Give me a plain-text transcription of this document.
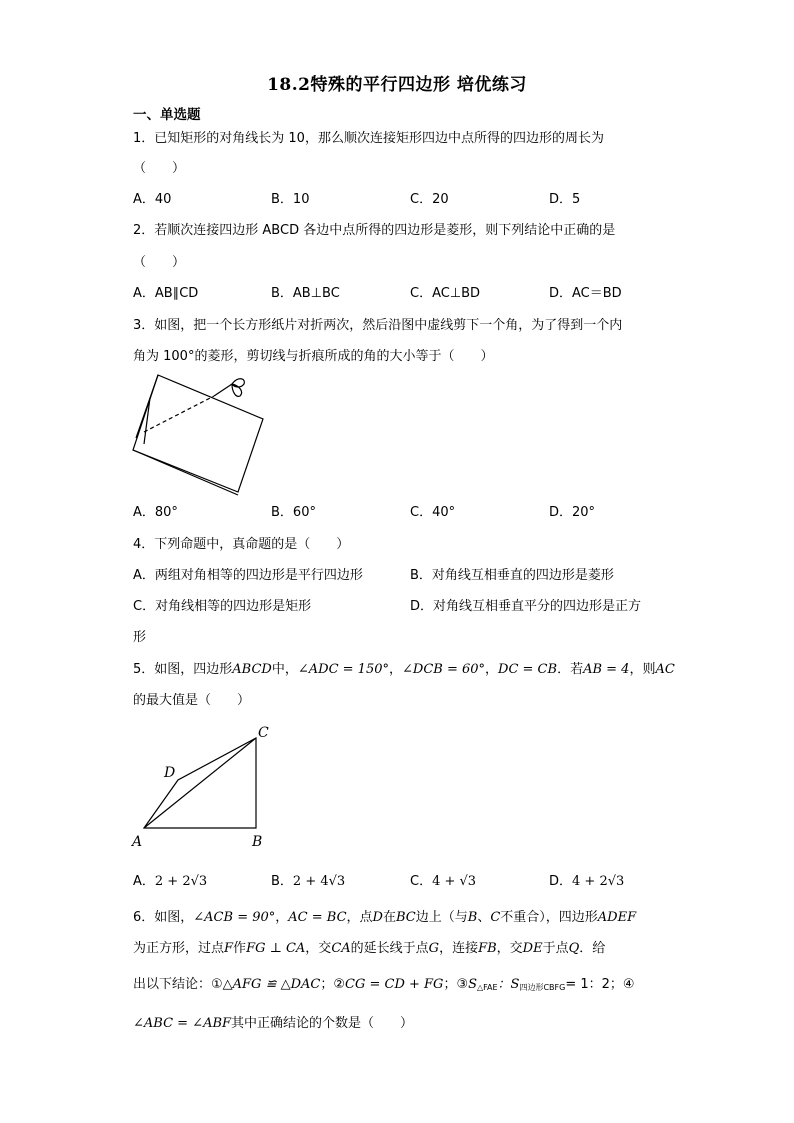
18.2特殊的平行四边形 培优练习
一、单选题
1．已知矩形的对角线长为 10，那么顺次连接矩形四边中点所得的四边形的周长为
（　　）
A．40	B．10	C．20	D．5
2．若顺次连接四边形 ABCD 各边中点所得的四边形是菱形，则下列结论中正确的是
（　　）
A．AB∥CD	B．AB⊥BC	C．AC⊥BD	D．AC＝BD
3．如图，把一个长方形纸片对折两次，然后沿图中虚线剪下一个角，为了得到一个内
角为 100°的菱形，剪切线与折痕所成的角的大小等于（　　）
A．80°	B．60°	C．40°	D．20°
4．下列命题中，真命题的是（　　）
A．两组对角相等的四边形是平行四边形	B．对角线互相垂直的四边形是菱形
C．对角线相等的四边形是矩形	D．对角线互相垂直平分的四边形是正方
形
5．如图，四边形ABCD中，∠ADC = 150°，∠DCB = 60°，DC = CB．若AB = 4，则AC
的最大值是（　　）
A	B
C
D
A．2 + 2√3	B．2 + 4√3	C．4 + √3	D．4 + 2√3
6．如图，∠ACB = 90°，AC = BC，点D在BC边上（与B、C不重合），四边形ADEF
为正方形，过点F作FG ⊥ CA，交CA的延长线于点G，连接FB，交DE于点Q．给
出以下结论：①△AFG ≌ △DAC；②CG = CD + FG；$③S_{\triangle FAE}$：$S_{四边形CBFG}= 1$：2；④
∠ABC = ∠ABF其中正确结论的个数是（　　）
